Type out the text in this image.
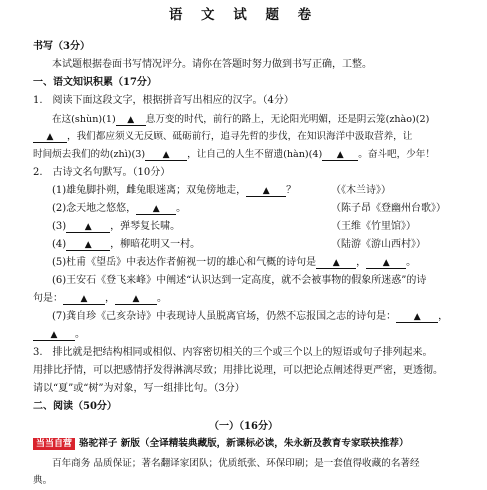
语 文 试 题 卷
书写（3分）
本试题根据卷面书写情况评分。请你在答题时努力做到书写正确，工整。
一、语文知识积累（17分）
1.　阅读下面这段文字，根据拼音写出相应的汉字。（4分）
在这(shùn)(1) ▲ 息万变的时代，前行的路上，无论阳光明媚，还是阴云笼(zhào)(2)
▲ ，我们都应须义无反顾、砥砺前行，追寻先哲的步伐，在知识海洋中汲取营养，让
时间烦去我们的幼(zhì)(3) ▲ ，让自己的人生不留遗(hàn)(4) ▲ 。奋斗吧，少年！
2.　古诗文名句默写。（10分）
(1)雄兔脚扑朔，雌兔眼迷离；双兔傍地走， ▲ ？	（《木兰诗》）
(2)念天地之悠悠， ▲ 。	（陈子昂《登幽州台歌》）
(3) ▲ ，弹琴复长啸。	（王维《竹里馆》）
(4) ▲ ，柳暗花明又一村。	（陆游《游山西村》）
(5)杜甫《望岳》中表达作者俯视一切的雄心和气概的诗句是 ▲ ， ▲ 。
(6)王安石《登飞来峰》中阐述“认识达到一定高度，就不会被事物的假象所迷惑”的诗
句是： ▲ ， ▲ 。
(7)龚自珍《己亥杂诗》中表现诗人虽脱离官场，仍然不忘报国之志的诗句是： ▲ ，
▲ 。
3.　排比就是把结构相同或相似、内容密切相关的三个或三个以上的短语或句子排列起来。
用排比抒情，可以把感情抒发得淋漓尽致；用排比说理，可以把论点阐述得更严密，更透彻。
请以“夏”或“树”为对象，写一组排比句。（3分）
二、阅读（50分）
（一）（16分）
当当自营 骆驼祥子 新版（全译精装典藏版，新课标必读，朱永新及教育专家联袂推荐）
百年商务 品质保证；著名翻译家团队；优质纸张、环保印刷；是一套值得收藏的名著经
典。
